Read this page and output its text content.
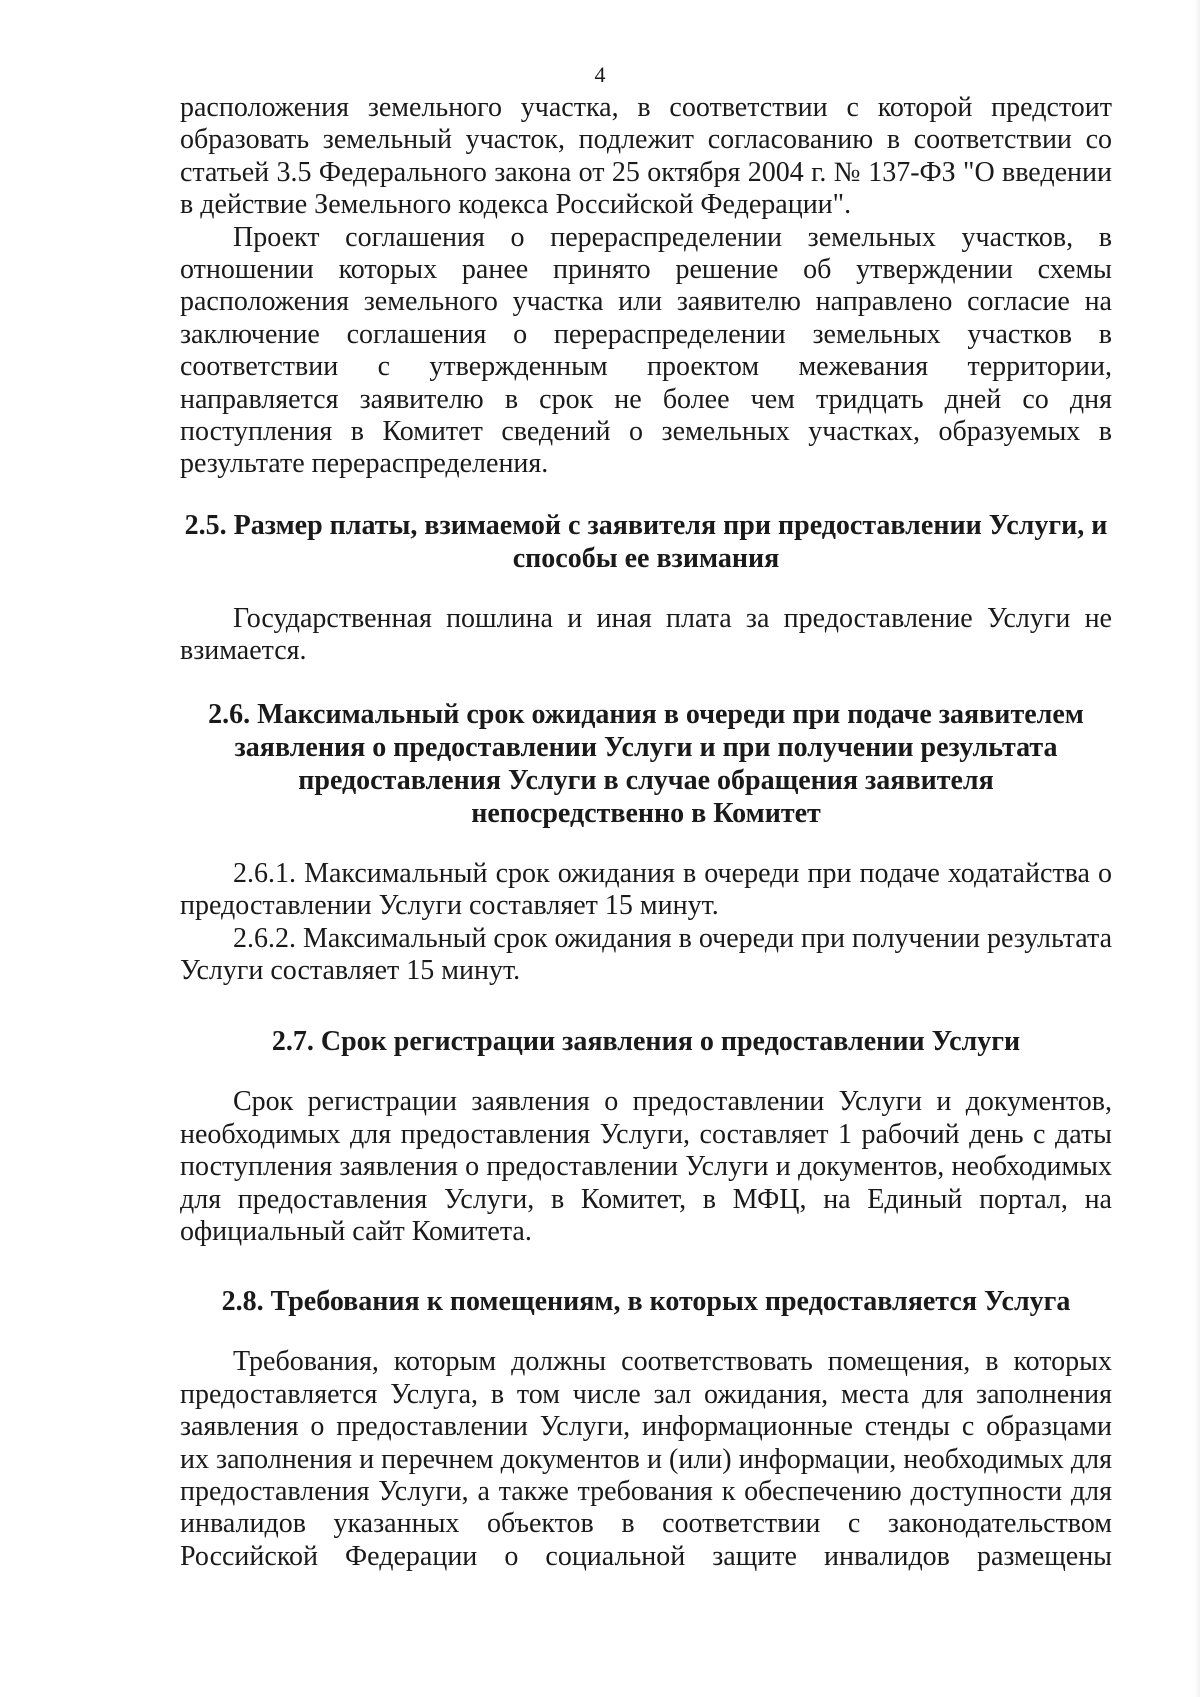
4

расположения земельного участка, в соответствии с которой предстоит образовать земельный участок, подлежит согласованию в соответствии со статьей 3.5 Федерального закона от 25 октября 2004 г. № 137-ФЗ "О введении в действие Земельного кодекса Российской Федерации".

Проект соглашения о перераспределении земельных участков, в отношении которых ранее принято решение об утверждении схемы расположения земельного участка или заявителю направлено согласие на заключение соглашения о перераспределении земельных участков в соответствии с утвержденным проектом межевания территории, направляется заявителю в срок не более чем тридцать дней со дня поступления в Комитет сведений о земельных участках, образуемых в результате перераспределения.

2.5. Размер платы, взимаемой с заявителя при предоставлении Услуги, и способы ее взимания

Государственная пошлина и иная плата за предоставление Услуги не взимается.

2.6. Максимальный срок ожидания в очереди при подаче заявителем заявления о предоставлении Услуги и при получении результата предоставления Услуги в случае обращения заявителя непосредственно в Комитет

2.6.1. Максимальный срок ожидания в очереди при подаче ходатайства о предоставлении Услуги составляет 15 минут.

2.6.2. Максимальный срок ожидания в очереди при получении результата Услуги составляет 15 минут.

2.7. Срок регистрации заявления о предоставлении Услуги

Срок регистрации заявления о предоставлении Услуги и документов, необходимых для предоставления Услуги, составляет 1 рабочий день с даты поступления заявления о предоставлении Услуги и документов, необходимых для предоставления Услуги, в Комитет, в МФЦ, на Единый портал, на официальный сайт Комитета.

2.8. Требования к помещениям, в которых предоставляется Услуга

Требования, которым должны соответствовать помещения, в которых предоставляется Услуга, в том числе зал ожидания, места для заполнения заявления о предоставлении Услуги, информационные стенды с образцами их заполнения и перечнем документов и (или) информации, необходимых для предоставления Услуги, а также требования к обеспечению доступности для инвалидов указанных объектов в соответствии с законодательством Российской Федерации о социальной защите инвалидов размещены
